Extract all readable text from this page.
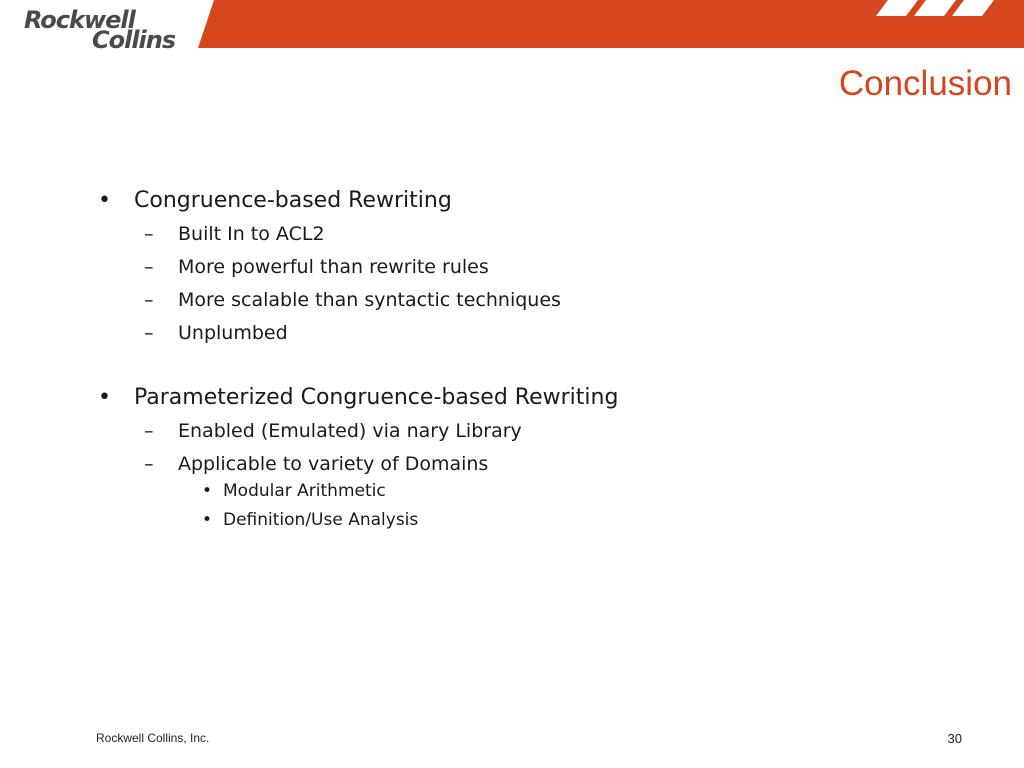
Rockwell
Collins
Conclusion
• Congruence-based Rewriting
– Built In to ACL2
– More powerful than rewrite rules
– More scalable than syntactic techniques
– Unplumbed
• Parameterized Congruence-based Rewriting
– Enabled (Emulated) via nary Library
– Applicable to variety of Domains
• Modular Arithmetic
• Definition/Use Analysis
Rockwell Collins, Inc.	30
